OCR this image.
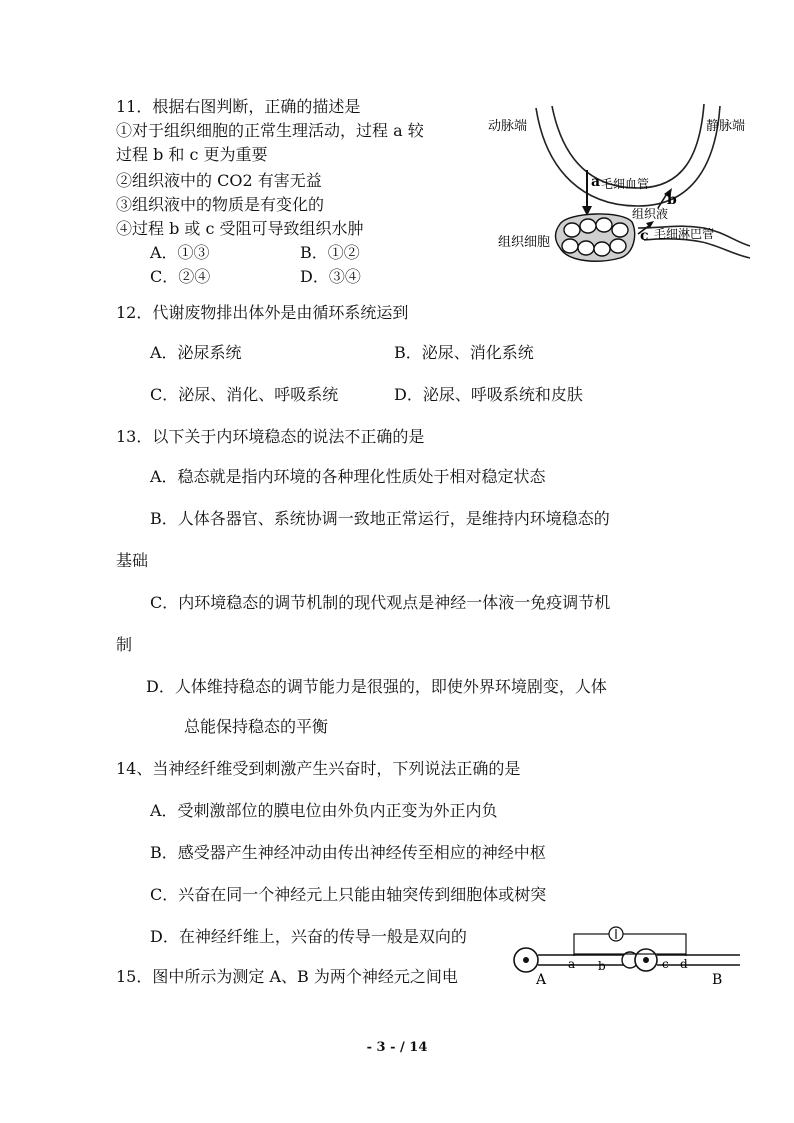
11．根据右图判断，正确的描述是
①对于组织细胞的正常生理活动，过程 a 较
过程 b 和 c 更为重要
②组织液中的 CO2 有害无益
③组织液中的物质是有变化的
④过程 b 或 c 受阻可导致组织水肿
A．①③	B．①②
C．②④	D．③④
动脉端	静脉端
a 毛细血管
b
组织液
组织细胞	c 毛细淋巴管
12．代谢废物排出体外是由循环系统运到
A．泌尿系统	B．泌尿、消化系统
C．泌尿、消化、呼吸系统	D．泌尿、呼吸系统和皮肤
13．以下关于内环境稳态的说法不正确的是
A．稳态就是指内环境的各种理化性质处于相对稳定状态
B．人体各器官、系统协调一致地正常运行，是维持内环境稳态的
基础
C．内环境稳态的调节机制的现代观点是神经一体液一免疫调节机
制
D．人体维持稳态的调节能力是很强的，即使外界环境剧变，人体
总能保持稳态的平衡
14、当神经纤维受到刺激产生兴奋时，下列说法正确的是
A．受刺激部位的膜电位由外负内正变为外正内负
B．感受器产生神经冲动由传出神经传至相应的神经中枢
C．兴奋在同一个神经元上只能由轴突传到细胞体或树突
D．在神经纤维上，兴奋的传导一般是双向的
15．图中所示为测定 A、B 为两个神经元之间电
a b	c d
A	B
- 3 - / 14
